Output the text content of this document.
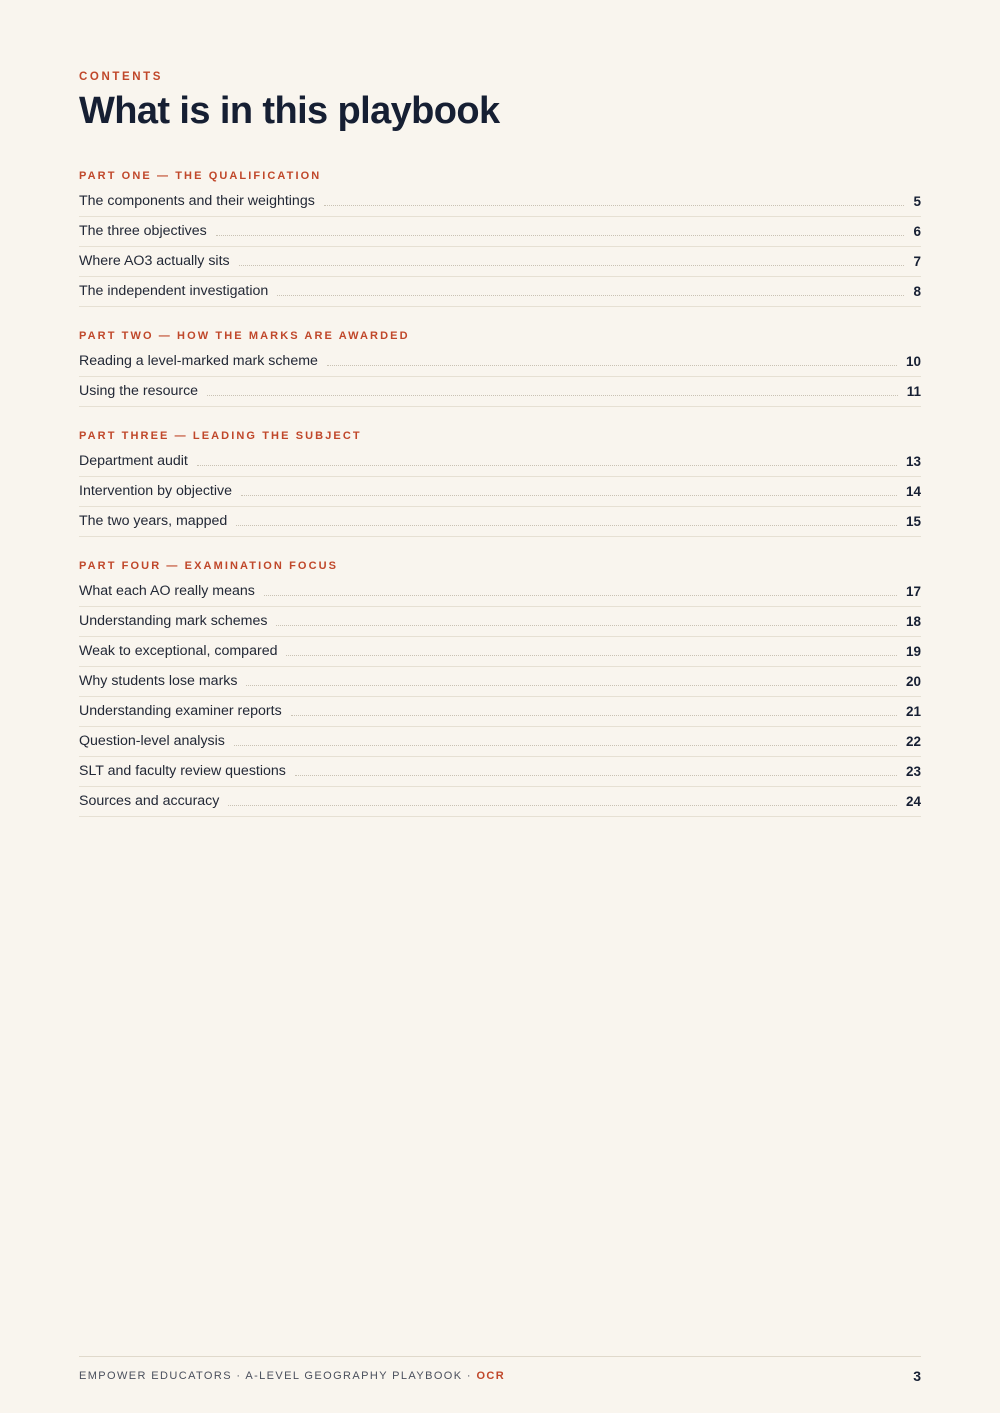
CONTENTS
What is in this playbook
PART ONE — THE QUALIFICATION
The components and their weightings	5
The three objectives	6
Where AO3 actually sits	7
The independent investigation	8
PART TWO — HOW THE MARKS ARE AWARDED
Reading a level-marked mark scheme	10
Using the resource	11
PART THREE — LEADING THE SUBJECT
Department audit	13
Intervention by objective	14
The two years, mapped	15
PART FOUR — EXAMINATION FOCUS
What each AO really means	17
Understanding mark schemes	18
Weak to exceptional, compared	19
Why students lose marks	20
Understanding examiner reports	21
Question-level analysis	22
SLT and faculty review questions	23
Sources and accuracy	24
EMPOWER EDUCATORS · A-LEVEL GEOGRAPHY PLAYBOOK · OCR	3
